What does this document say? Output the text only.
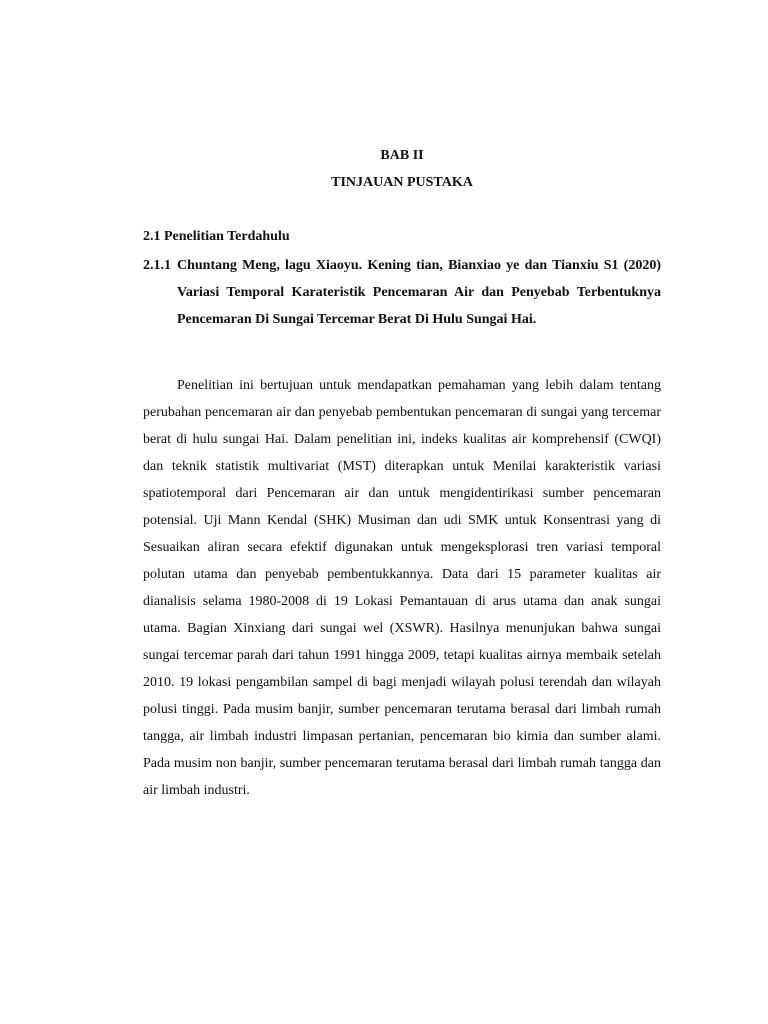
BAB II
TINJAUAN PUSTAKA
2.1 Penelitian Terdahulu
2.1.1 Chuntang Meng, lagu Xiaoyu. Kening tian, Bianxiao ye dan Tianxiu S1 (2020) Variasi Temporal Karateristik Pencemaran Air dan Penyebab Terbentuknya Pencemaran Di Sungai Tercemar Berat Di Hulu Sungai Hai.

Penelitian ini bertujuan untuk mendapatkan pemahaman yang lebih dalam tentang perubahan pencemaran air dan penyebab pembentukan pencemaran di sungai yang tercemar berat di hulu sungai Hai. Dalam penelitian ini, indeks kualitas air komprehensif (CWQI) dan teknik statistik multivariat (MST) diterapkan untuk Menilai karakteristik variasi spatiotemporal dari Pencemaran air dan untuk mengidentirikasi sumber pencemaran potensial. Uji Mann Kendal (SHK) Musiman dan udi SMK untuk Konsentrasi yang di Sesuaikan aliran secara efektif digunakan untuk mengeksplorasi tren variasi temporal polutan utama dan penyebab pembentukkannya. Data dari 15 parameter kualitas air dianalisis selama 1980-2008 di 19 Lokasi Pemantauan di arus utama dan anak sungai utama. Bagian Xinxiang dari sungai wel (XSWR). Hasilnya menunjukan bahwa sungai sungai tercemar parah dari tahun 1991 hingga 2009, tetapi kualitas airnya membaik setelah 2010. 19 lokasi pengambilan sampel di bagi menjadi wilayah polusi terendah dan wilayah polusi tinggi. Pada musim banjir, sumber pencemaran terutama berasal dari limbah rumah tangga, air limbah industri limpasan pertanian, pencemaran bio kimia dan sumber alami. Pada musim non banjir, sumber pencemaran terutama berasal dari limbah rumah tangga dan air limbah industri.
